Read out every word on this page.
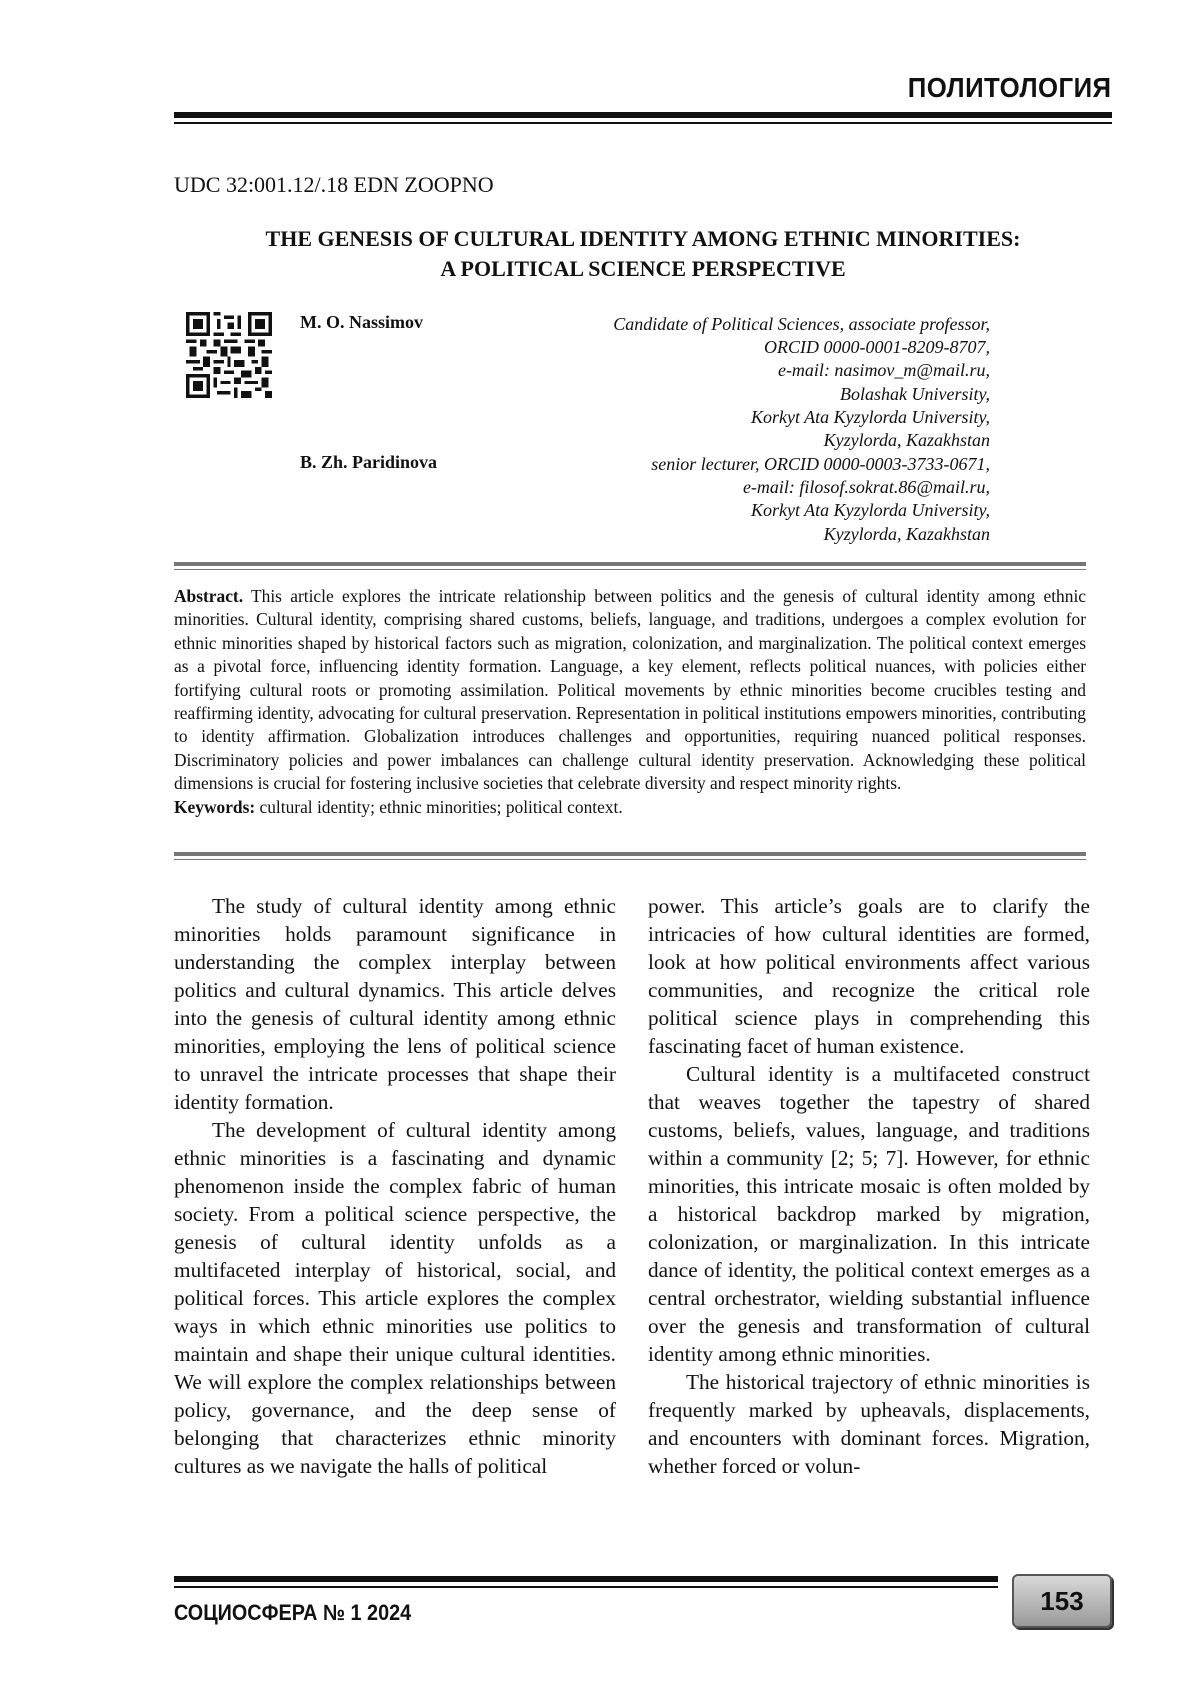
ПОЛИТОЛОГИЯ
UDC 32:001.12/.18 EDN ZOOPNO
THE GENESIS OF CULTURAL IDENTITY AMONG ETHNIC MINORITIES:
A POLITICAL SCIENCE PERSPECTIVE
M. O. Nassimov	Candidate of Political Sciences, associate professor,
ORCID 0000-0001-8209-8707,
e-mail: nasimov_m@mail.ru,
Bolashak University,
Korkyt Ata Kyzylorda University,
Kyzylorda, Kazakhstan
B. Zh. Paridinova	senior lecturer, ORCID 0000-0003-3733-0671,
e-mail: filosof.sokrat.86@mail.ru,
Korkyt Ata Kyzylorda University,
Kyzylorda, Kazakhstan
Abstract. This article explores the intricate relationship between politics and the genesis of cultural identity among ethnic minorities. Cultural identity, comprising shared customs, beliefs, language, and traditions, undergoes a complex evolution for ethnic minorities shaped by historical factors such as migration, colonization, and marginalization. The political context emerges as a pivotal force, influencing identity formation. Language, a key element, reflects political nuances, with policies either fortifying cultural roots or promoting assimilation. Political movements by ethnic minorities become crucibles testing and reaffirming identity, advocating for cultural preservation. Representation in political institutions empowers minorities, contributing to identity affirmation. Globalization introduces challenges and opportunities, requiring nuanced political responses. Discriminatory policies and power imbalances can challenge cultural identity preservation. Acknowledging these political dimensions is crucial for fostering inclusive societies that celebrate diversity and respect minority rights.
Keywords: cultural identity; ethnic minorities; political context.

The study of cultural identity among ethnic minorities holds paramount significance in understanding the complex interplay between politics and cultural dynamics. This article delves into the genesis of cultural identity among ethnic minorities, employing the lens of political science to unravel the intricate processes that shape their identity formation.

The development of cultural identity among ethnic minorities is a fascinating and dynamic phenomenon inside the complex fabric of human society. From a political science perspective, the genesis of cultural identity unfolds as a multifaceted interplay of historical, social, and political forces. This article explores the complex ways in which ethnic minorities use politics to maintain and shape their unique cultural identities. We will explore the complex relationships between policy, governance, and the deep sense of belonging that characterizes ethnic minority cultures as we navigate the halls of political

power. This article’s goals are to clarify the intricacies of how cultural identities are formed, look at how political environments affect various communities, and recognize the critical role political science plays in comprehending this fascinating facet of human existence.

Cultural identity is a multifaceted construct that weaves together the tapestry of shared customs, beliefs, values, language, and traditions within a community [2; 5; 7]. However, for ethnic minorities, this intricate mosaic is often molded by a historical backdrop marked by migration, colonization, or marginalization. In this intricate dance of identity, the political context emerges as a central orchestrator, wielding substantial influence over the genesis and transformation of cultural identity among ethnic minorities.

The historical trajectory of ethnic minorities is frequently marked by upheavals, displacements, and encounters with dominant forces. Migration, whether forced or volun-

СОЦИОСФЕРА № 1 2024	153
